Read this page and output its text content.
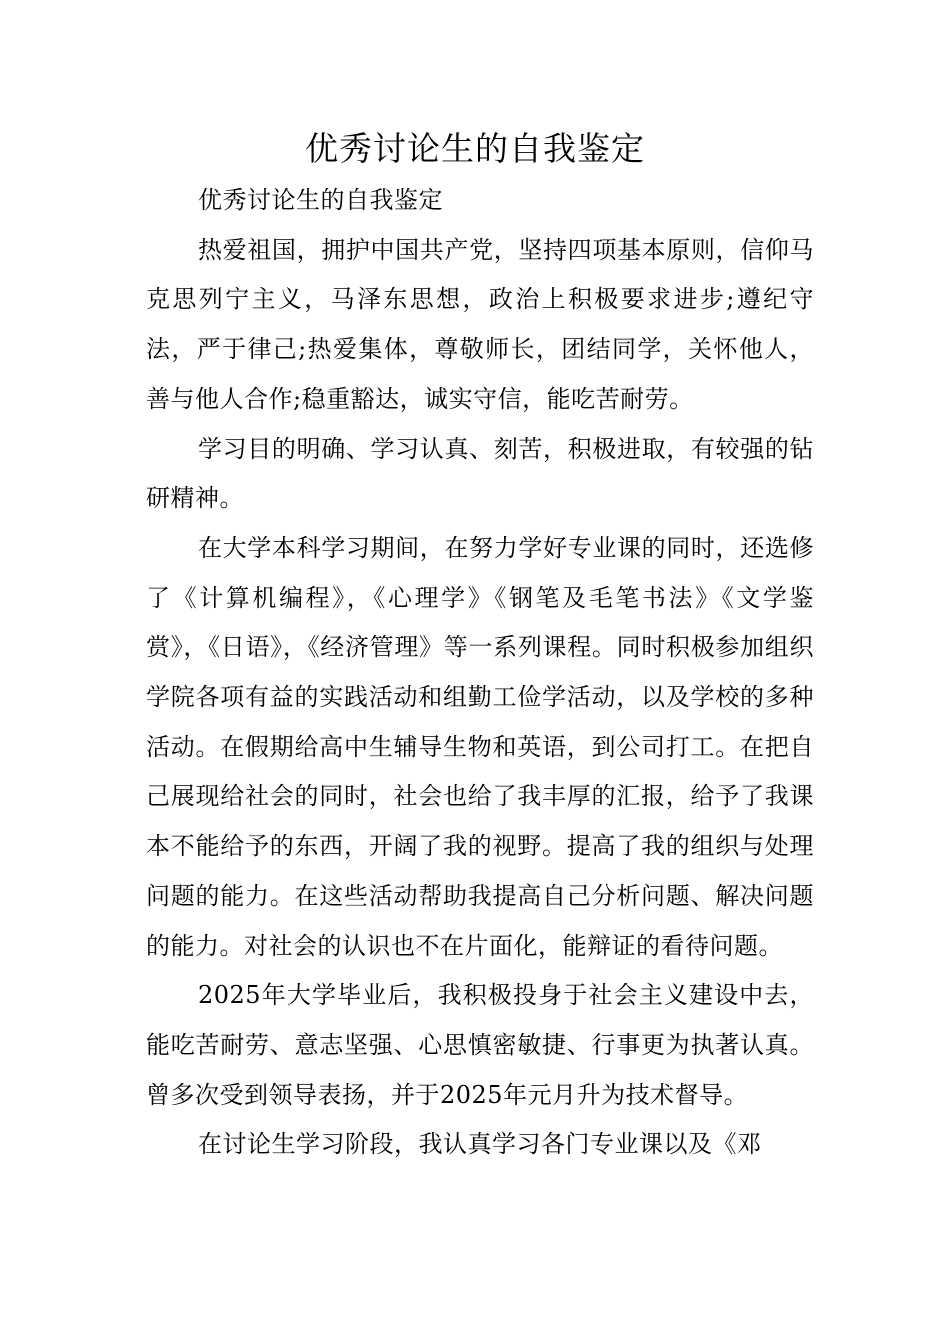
优秀讨论生的自我鉴定

优秀讨论生的自我鉴定

热爱祖国，拥护中国共产党，坚持四项基本原则，信仰马克思列宁主义，马泽东思想，政治上积极要求进步;遵纪守法，严于律己;热爱集体，尊敬师长，团结同学，关怀他人，善与他人合作;稳重豁达，诚实守信，能吃苦耐劳。

学习目的明确、学习认真、刻苦，积极进取，有较强的钻研精神。

在大学本科学习期间，在努力学好专业课的同时，还选修了《计算机编程》，《心理学》《钢笔及毛笔书法》《文学鉴赏》，《日语》，《经济管理》等一系列课程。同时积极参加组织学院各项有益的实践活动和组勤工俭学活动，以及学校的多种活动。在假期给高中生辅导生物和英语，到公司打工。在把自己展现给社会的同时，社会也给了我丰厚的汇报，给予了我课本不能给予的东西，开阔了我的视野。提高了我的组织与处理问题的能力。在这些活动帮助我提高自己分析问题、解决问题的能力。对社会的认识也不在片面化，能辩证的看待问题。

2025年大学毕业后，我积极投身于社会主义建设中去，能吃苦耐劳、意志坚强、心思慎密敏捷、行事更为执著认真。曾多次受到领导表扬，并于2025年元月升为技术督导。

在讨论生学习阶段，我认真学习各门专业课以及《邓
